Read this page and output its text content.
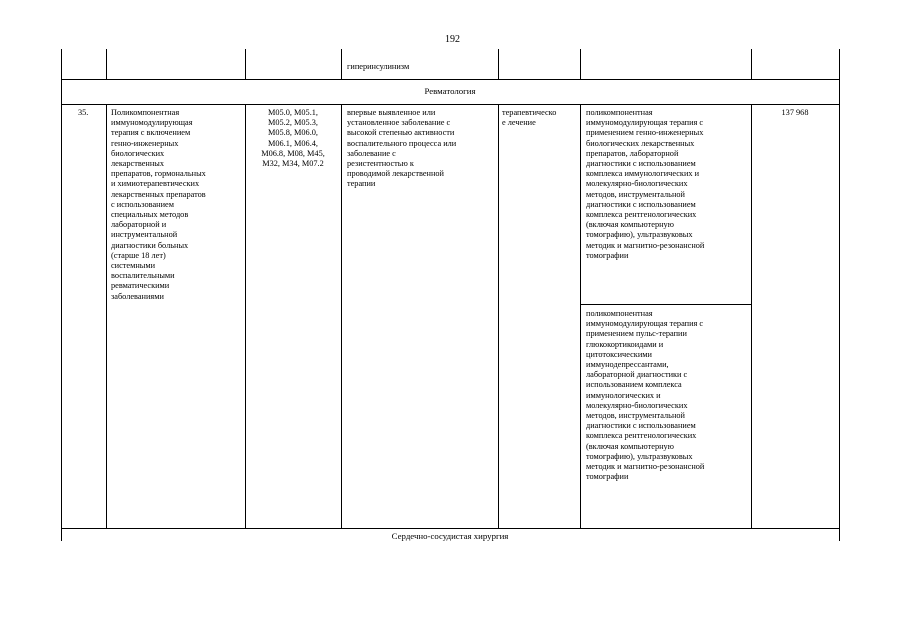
192
гиперинсулинизм
Ревматология
35.	Поликомпонентная
иммуномодулирующая
терапия с включением
генно-инженерных
биологических
лекарственных
препаратов, гормональных
и химиотерапевтических
лекарственных препаратов
с использованием
специальных методов
лабораторной и
инструментальной
диагностики больных
(старше 18 лет)
системными
воспалительными
ревматическими
заболеваниями
M05.0, M05.1,
M05.2, M05.3,
M05.8, M06.0,
M06.1, M06.4,
M06.8, M08, M45,
M32, M34, M07.2
впервые выявленное или
установленное заболевание с
высокой степенью активности
воспалительного процесса или
заболевание с
резистентностью к
проводимой лекарственной
терапии
терапевтическо
е лечение
поликомпонентная
иммуномодулирующая терапия с
применением генно-инженерных
биологических лекарственных
препаратов, лабораторной
диагностики с использованием
комплекса иммунологических и
молекулярно-биологических
методов, инструментальной
диагностики с использованием
комплекса рентгенологических
(включая компьютерную
томографию), ультразвуковых
методик и магнитно-резонансной
томографии
поликомпонентная
иммуномодулирующая терапия с
применением пульс-терапии
глюкокортикоидами и
цитотоксическими
иммунодепрессантами,
лабораторной диагностики с
использованием комплекса
иммунологических и
молекулярно-биологических
методов, инструментальной
диагностики с использованием
комплекса рентгенологических
(включая компьютерную
томографию), ультразвуковых
методик и магнитно-резонансной
томографии
137 968
Сердечно-сосудистая хирургия
